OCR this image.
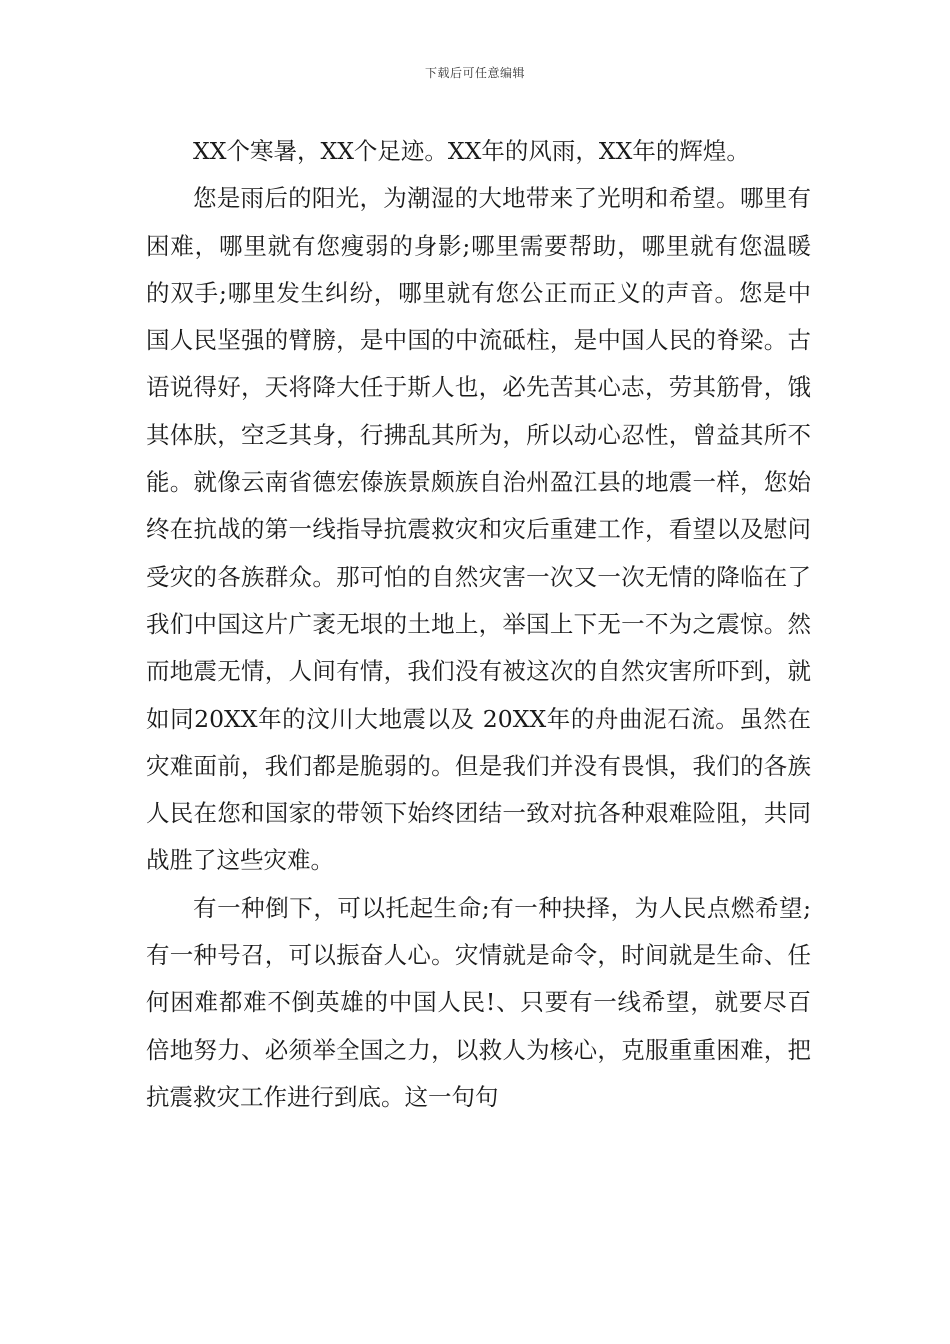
下载后可任意编辑

XX个寒暑，XX个足迹。XX年的风雨，XX年的辉煌。

您是雨后的阳光，为潮湿的大地带来了光明和希望。哪里有困难，哪里就有您瘦弱的身影;哪里需要帮助，哪里就有您温暖的双手;哪里发生纠纷，哪里就有您公正而正义的声音。您是中国人民坚强的臂膀，是中国的中流砥柱，是中国人民的脊梁。古语说得好，天将降大任于斯人也，必先苦其心志，劳其筋骨，饿其体肤，空乏其身，行拂乱其所为，所以动心忍性，曾益其所不能。就像云南省德宏傣族景颇族自治州盈江县的地震一样，您始终在抗战的第一线指导抗震救灾和灾后重建工作，看望以及慰问受灾的各族群众。那可怕的自然灾害一次又一次无情的降临在了我们中国这片广袤无垠的土地上，举国上下无一不为之震惊。然而地震无情，人间有情，我们没有被这次的自然灾害所吓到，就如同20XX年的汶川大地震以及 20XX年的舟曲泥石流。虽然在灾难面前，我们都是脆弱的。但是我们并没有畏惧，我们的各族人民在您和国家的带领下始终团结一致对抗各种艰难险阻，共同战胜了这些灾难。

有一种倒下，可以托起生命;有一种抉择，为人民点燃希望;有一种号召，可以振奋人心。灾情就是命令，时间就是生命、任何困难都难不倒英雄的中国人民!、只要有一线希望，就要尽百倍地努力、必须举全国之力，以救人为核心，克服重重困难，把抗震救灾工作进行到底。这一句句
